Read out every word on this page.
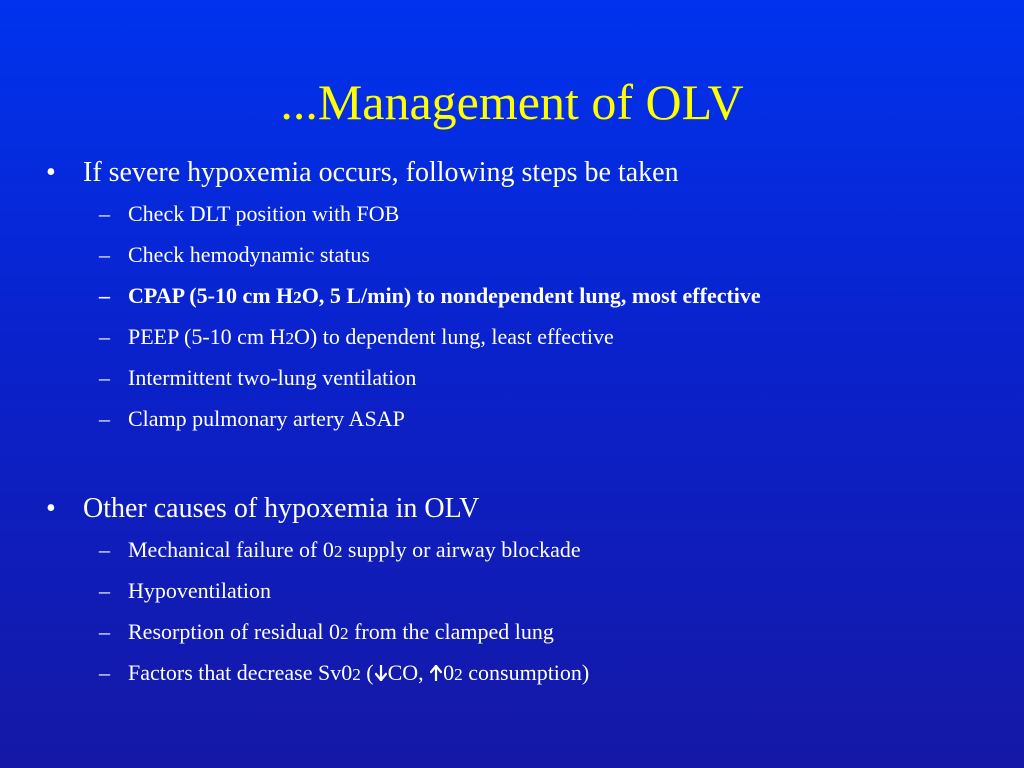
...Management of OLV
• If severe hypoxemia occurs, following steps be taken
– Check DLT position with FOB
– Check hemodynamic status
– CPAP (5-10 cm H2O, 5 L/min) to nondependent lung, most effective
– PEEP (5-10 cm H2O) to dependent lung, least effective
– Intermittent two-lung ventilation
– Clamp pulmonary artery ASAP
• Other causes of hypoxemia in OLV
– Mechanical failure of 02 supply or airway blockade
– Hypoventilation
– Resorption of residual 02 from the clamped lung
– Factors that decrease Sv02 ( CO,
02 consumption)
